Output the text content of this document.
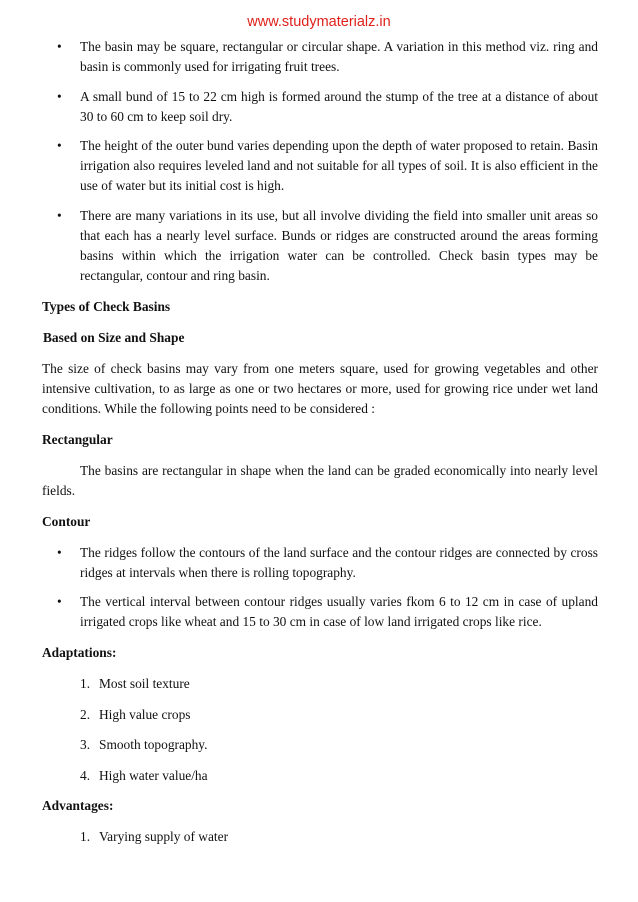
www.studymaterialz.in
• The basin may be square, rectangular or circular shape. A variation in this method viz. ring and basin is commonly used for irrigating fruit trees.
• A small bund of 15 to 22 cm high is formed around the stump of the tree at a distance of about 30 to 60 cm to keep soil dry.
• The height of the outer bund varies depending upon the depth of water proposed to retain. Basin irrigation also requires leveled land and not suitable for all types of soil. It is also efficient in the use of water but its initial cost is high.
• There are many variations in its use, but all involve dividing the field into smaller unit areas so that each has a nearly level surface. Bunds or ridges are constructed around the areas forming basins within which the irrigation water can be controlled. Check basin types may be rectangular, contour and ring basin.

Types of Check Basins

Based on Size and Shape

The size of check basins may vary from one meters square, used for growing vegetables and other intensive cultivation, to as large as one or two hectares or more, used for growing rice under wet land conditions. While the following points need to be considered :

Rectangular

The basins are rectangular in shape when the land can be graded economically into nearly level fields.

Contour

• The ridges follow the contours of the land surface and the contour ridges are connected by cross ridges at intervals when there is rolling topography.
• The vertical interval between contour ridges usually varies fkom 6 to 12 cm in case of upland irrigated crops like wheat and 15 to 30 cm in case of low land irrigated crops like rice.

Adaptations:

1. Most soil texture
2. High value crops
3. Smooth topography.
4. High water value/ha

Advantages:

1. Varying supply of water
